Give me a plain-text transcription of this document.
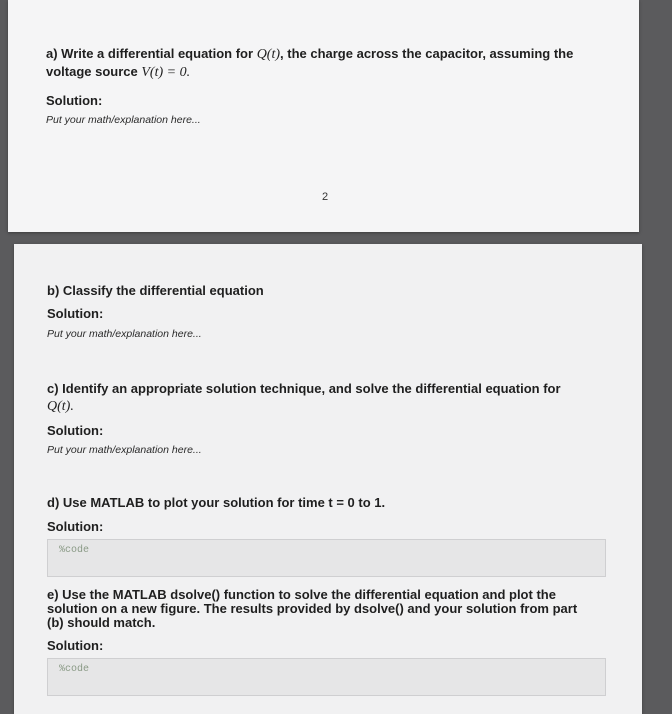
a) Write a differential equation for Q(t), the charge across the capacitor, assuming the
voltage source V(t) = 0.
Solution:
Put your math/explanation here...
2
b) Classify the differential equation
Solution:
Put your math/explanation here...
c) Identify an appropriate solution technique, and solve the differential equation for
Q(t).
Solution:
Put your math/explanation here...
d) Use MATLAB to plot your solution for time t = 0 to 1.
Solution:
%code
e) Use the MATLAB dsolve() function to solve the differential equation and plot the
solution on a new figure. The results provided by dsolve() and your solution from part
(b) should match.
Solution:
%code
